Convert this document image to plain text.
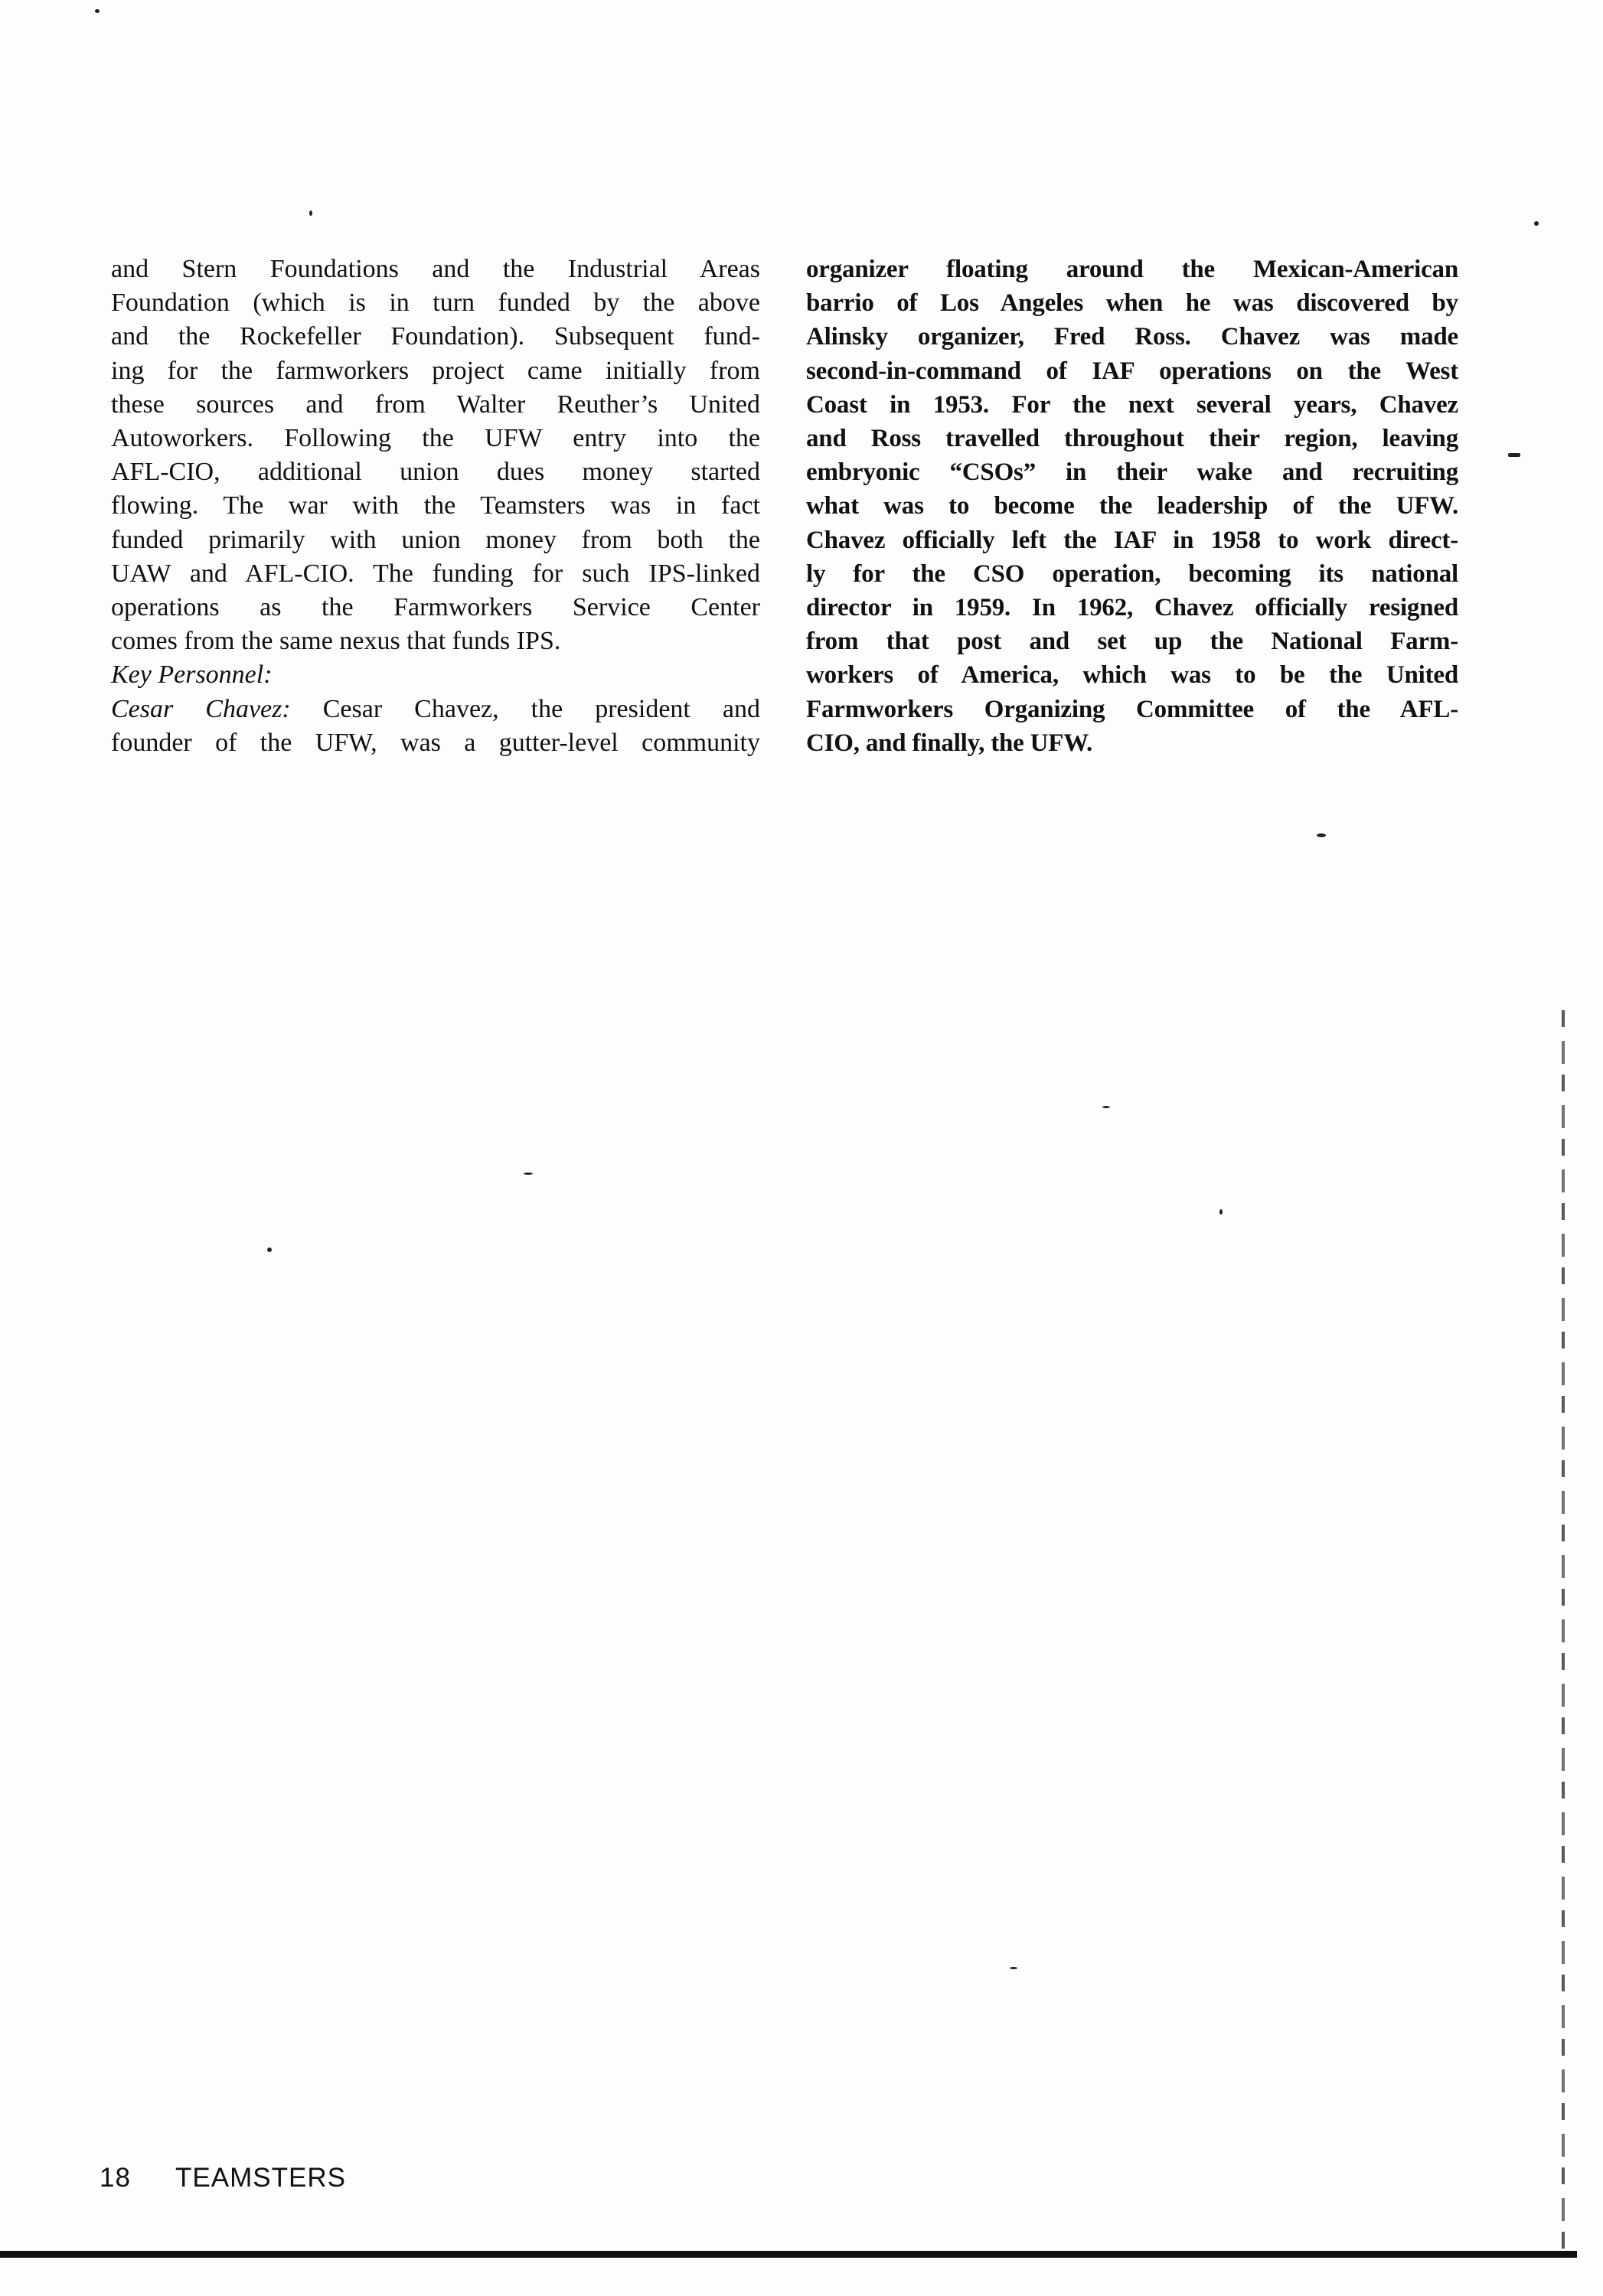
and Stern Foundations and the Industrial Areas
Foundation (which is in turn funded by the above
and the Rockefeller Foundation). Subsequent fund-
ing for the farmworkers project came initially from
these sources and from Walter Reuther’s United
Autoworkers. Following the UFW entry into the
AFL-CIO, additional union dues money started
flowing. The war with the Teamsters was in fact
funded primarily with union money from both the
UAW and AFL-CIO. The funding for such IPS-linked
operations as the Farmworkers Service Center
comes from the same nexus that funds IPS.
Key Personnel:
Cesar Chavez: Cesar Chavez, the president and
founder of the UFW, was a gutter-level community
organizer floating around the Mexican-American
barrio of Los Angeles when he was discovered by
Alinsky organizer, Fred Ross. Chavez was made
second-in-command of IAF operations on the West
Coast in 1953. For the next several years, Chavez
and Ross travelled throughout their region, leaving
embryonic “CSOs” in their wake and recruiting
what was to become the leadership of the UFW.
Chavez officially left the IAF in 1958 to work direct-
ly for the CSO operation, becoming its national
director in 1959. In 1962, Chavez officially resigned
from that post and set up the National Farm-
workers of America, which was to be the United
Farmworkers Organizing Committee of the AFL-
CIO, and finally, the UFW.
18 TEAMSTERS
